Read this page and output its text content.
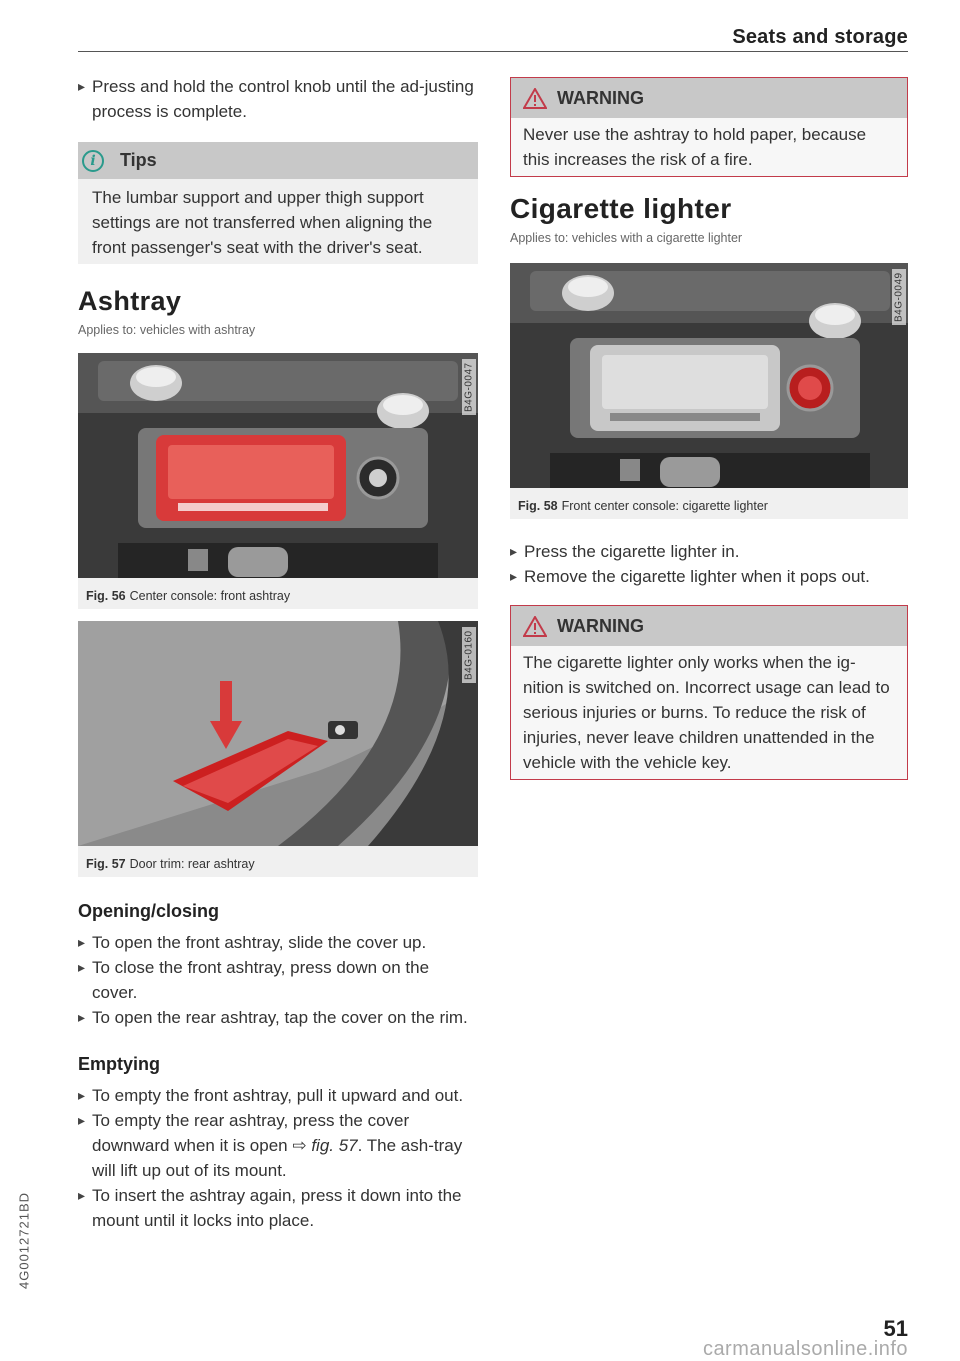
Seats and storage

▸ Press and hold the control knob until the ad-justing process is complete.

i	Tips
The lumbar support and upper thigh support settings are not transferred when aligning the front passenger's seat with the driver's seat.
Ashtray
Applies to: vehicles with ashtray
B4G-0047
Fig. 56 Center console: front ashtray
B4G-0160
Fig. 57 Door trim: rear ashtray
Opening/closing

▸ To open the front ashtray, slide the cover up.

▸ To close the front ashtray, press down on the cover.

▸ To open the rear ashtray, tap the cover on the rim.

Emptying

▸ To empty the front ashtray, pull it upward and out.

▸ To empty the rear ashtray, press the cover downward when it is open ⇨ fig. 57. The ash-tray will lift up out of its mount.

▸ To insert the ashtray again, press it down into the mount until it locks into place.

WARNING
Never use the ashtray to hold paper, because this increases the risk of a fire.
Cigarette lighter
Applies to: vehicles with a cigarette lighter
B4G-0049
Fig. 58 Front center console: cigarette lighter

▸ Press the cigarette lighter in.

▸ Remove the cigarette lighter when it pops out.

WARNING
The cigarette lighter only works when the ig-nition is switched on. Incorrect usage can lead to serious injuries or burns. To reduce the risk of injuries, never leave children unattended in the vehicle with the vehicle key.
4G0012721BD
51
carmanualsonline.info
